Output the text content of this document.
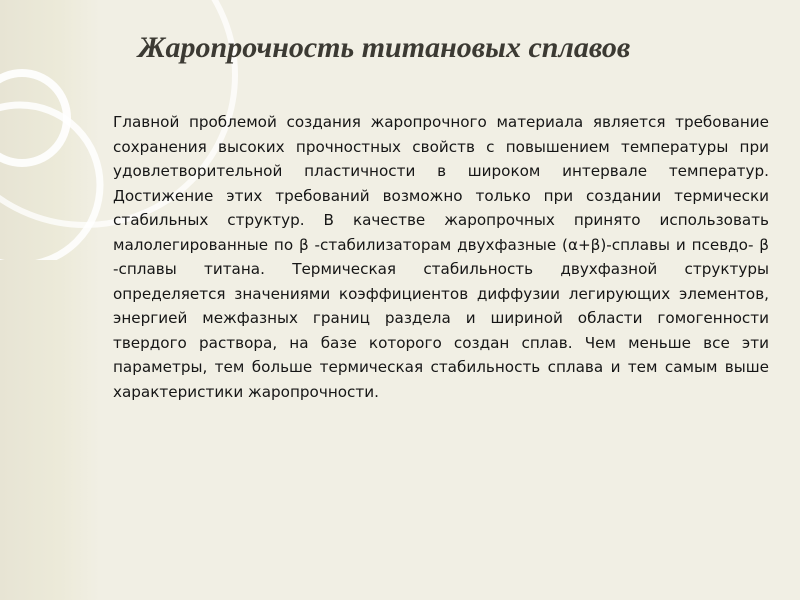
Жаропрочность титановых сплавов

Главной проблемой создания жаропрочного материала является требование сохранения высоких прочностных свойств с повышением температуры при удовлетворительной пластичности в широком интервале температур. Достижение этих требований возможно только при создании термически стабильных структур. В качестве жаропрочных принято использовать малолегированные по β -стабилизаторам двухфазные (α+β)-сплавы и псевдо- β -сплавы титана. Термическая стабильность двухфазной структуры определяется значениями коэффициентов диффузии легирующих элементов, энергией межфазных границ раздела и шириной области гомогенности твердого раствора, на базе которого создан сплав. Чем меньше все эти параметры, тем больше термическая стабильность сплава и тем самым выше характеристики жаропрочности.
